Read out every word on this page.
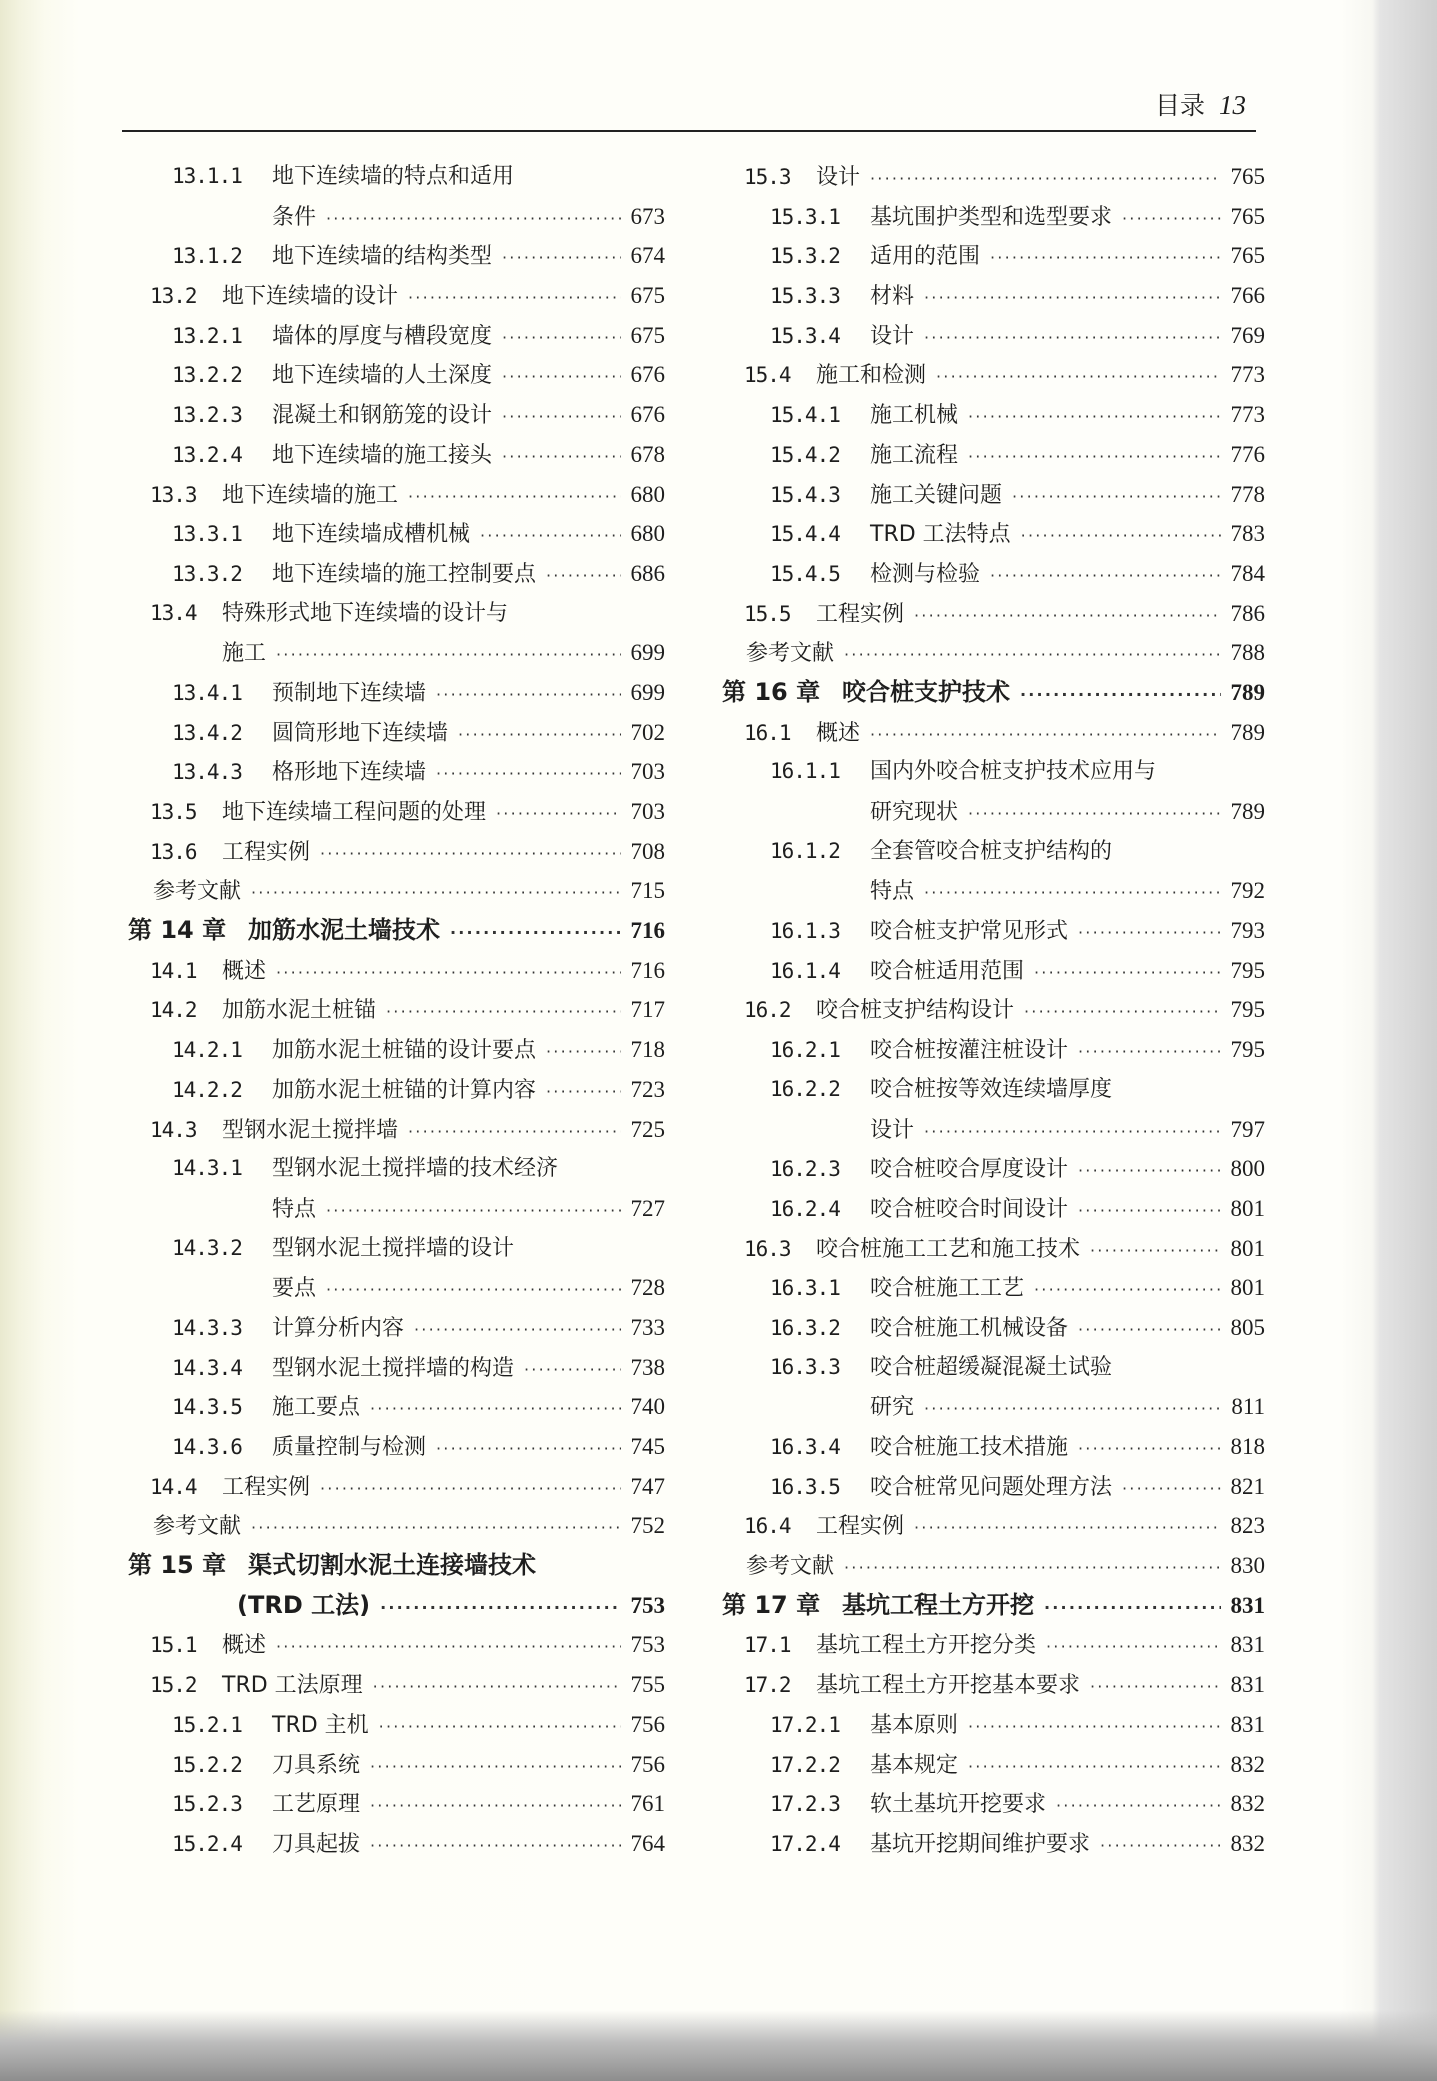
目录 13
13.1.1	地下连续墙的特点和适用
条件 ·····	673
13.1.2	地下连续墙的结构类型 ·····	674
13.2	地下连续墙的设计 ·····	675
13.2.1	墙体的厚度与槽段宽度 ·····	675
13.2.2	地下连续墙的人土深度 ·····	676
13.2.3	混凝土和钢筋笼的设计 ·····	676
13.2.4	地下连续墙的施工接头 ·····	678
13.3	地下连续墙的施工 ·····	680
13.3.1	地下连续墙成槽机械 ·····	680
13.3.2	地下连续墙的施工控制要点 ·····	686
13.4	特殊形式地下连续墙的设计与
施工 ·····	699
13.4.1	预制地下连续墙 ·····	699
13.4.2	圆筒形地下连续墙 ·····	702
13.4.3	格形地下连续墙 ·····	703
13.5	地下连续墙工程问题的处理 ·····	703
13.6	工程实例 ·····	708
参考文献 ·····	715
第 14 章 加筋水泥土墙技术 ·····	716
14.1	概述 ·····	716
14.2	加筋水泥土桩锚 ·····	717
14.2.1	加筋水泥土桩锚的设计要点 ·····	718
14.2.2	加筋水泥土桩锚的计算内容 ·····	723
14.3	型钢水泥土搅拌墙 ·····	725
14.3.1	型钢水泥土搅拌墙的技术经济
特点 ·····	727
14.3.2	型钢水泥土搅拌墙的设计
要点 ·····	728
14.3.3	计算分析内容 ·····	733
14.3.4	型钢水泥土搅拌墙的构造 ·····	738
14.3.5	施工要点 ·····	740
14.3.6	质量控制与检测 ·····	745
14.4	工程实例 ·····	747
参考文献 ·····	752
第 15 章 渠式切割水泥土连接墙技术
(TRD 工法) ·····	753
15.1	概述 ·····	753
15.2	TRD 工法原理 ·····	755
15.2.1	TRD 主机 ·····	756
15.2.2	刀具系统 ·····	756
15.2.3	工艺原理 ·····	761
15.2.4	刀具起拔 ·····	764
15.3	设计 ·····	765
15.3.1	基坑围护类型和选型要求 ·····	765
15.3.2	适用的范围 ·····	765
15.3.3	材料 ·····	766
15.3.4	设计 ·····	769
15.4	施工和检测 ·····	773
15.4.1	施工机械 ·····	773
15.4.2	施工流程 ·····	776
15.4.3	施工关键问题 ·····	778
15.4.4	TRD 工法特点 ·····	783
15.4.5	检测与检验 ·····	784
15.5	工程实例 ·····	786
参考文献 ·····	788
第 16 章 咬合桩支护技术 ·····	789
16.1	概述 ·····	789
16.1.1	国内外咬合桩支护技术应用与
研究现状 ·····	789
16.1.2	全套管咬合桩支护结构的
特点 ·····	792
16.1.3	咬合桩支护常见形式 ·····	793
16.1.4	咬合桩适用范围 ·····	795
16.2	咬合桩支护结构设计 ·····	795
16.2.1	咬合桩按灌注桩设计 ·····	795
16.2.2	咬合桩按等效连续墙厚度
设计 ·····	797
16.2.3	咬合桩咬合厚度设计 ·····	800
16.2.4	咬合桩咬合时间设计 ·····	801
16.3	咬合桩施工工艺和施工技术 ·····	801
16.3.1	咬合桩施工工艺 ·····	801
16.3.2	咬合桩施工机械设备 ·····	805
16.3.3	咬合桩超缓凝混凝土试验
研究 ·····	811
16.3.4	咬合桩施工技术措施 ·····	818
16.3.5	咬合桩常见问题处理方法 ·····	821
16.4	工程实例 ·····	823
参考文献 ·····	830
第 17 章 基坑工程土方开挖 ·····	831
17.1	基坑工程土方开挖分类 ·····	831
17.2	基坑工程土方开挖基本要求 ·····	831
17.2.1	基本原则 ·····	831
17.2.2	基本规定 ·····	832
17.2.3	软土基坑开挖要求 ·····	832
17.2.4	基坑开挖期间维护要求 ·····	832
